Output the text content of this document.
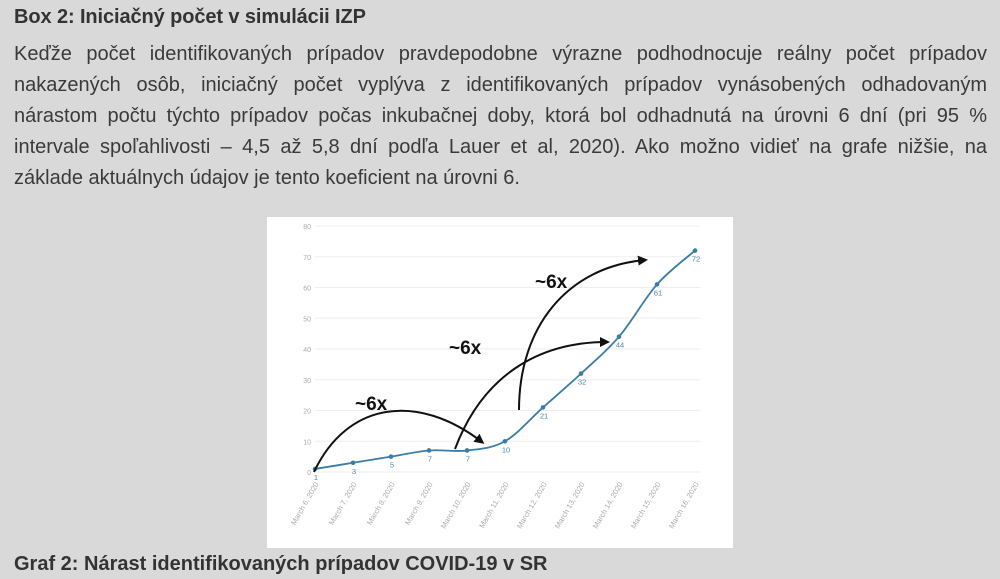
Box 2: Iniciačný počet v simulácii IZP
Keďže počet identifikovaných prípadov pravdepodobne výrazne podhodnocuje reálny počet prípadov
nakazených osôb, iniciačný počet vyplýva z identifikovaných prípadov vynásobených odhadovaným
nárastom počtu týchto prípadov počas inkubačnej doby, ktorá bol odhadnutá na úrovni 6 dní (pri 95 %
intervale spoľahlivosti – 4,5 až 5,8 dní podľa Lauer et al, 2020). Ako možno vidieť na grafe nižšie, na
základe aktuálnych údajov je tento koeficient na úrovni 6.
0
10
20
30
40
50
60
70
80
March 6, 2020 March 7, 2020 March 8, 2020 March 9, 2020 March 10, 2020 March 11, 2020 March 12, 2020 March 13, 2020 March 14, 2020 March 15, 2020 March 16, 2020
1
3
5
7	7
10
21
32
44
61
72
~6x
~6x
~6x

Graf 2: Nárast identifikovaných prípadov COVID-19 v SR
